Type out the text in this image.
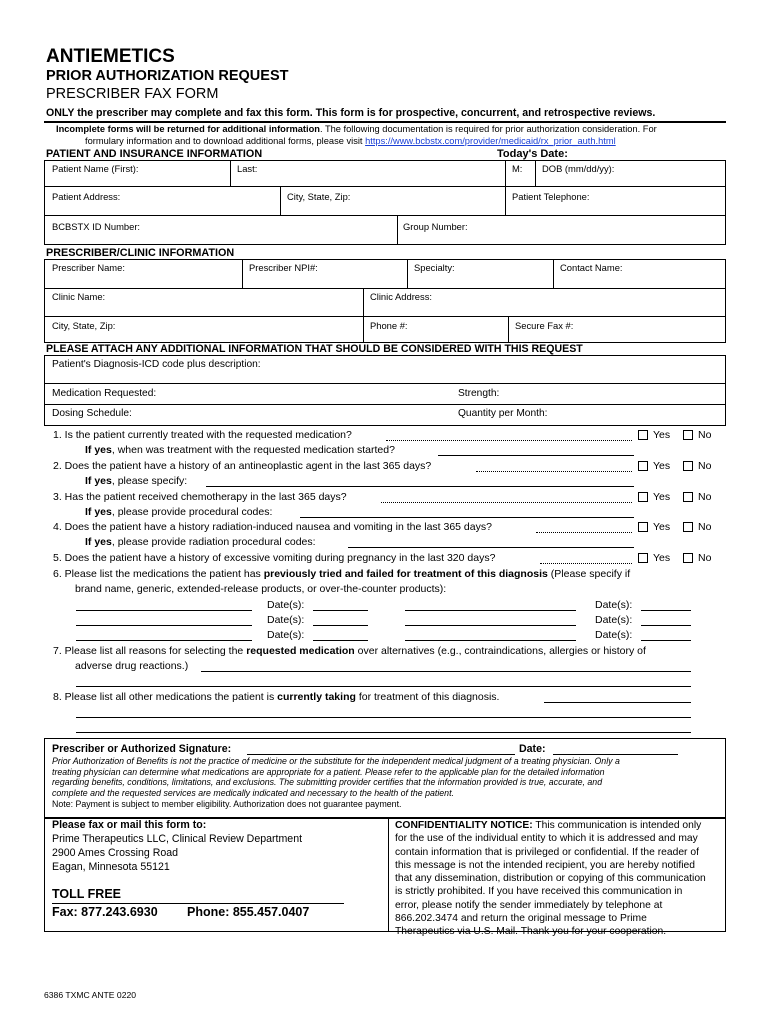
ANTIEMETICS
PRIOR AUTHORIZATION REQUEST
PRESCRIBER FAX FORM
ONLY the prescriber may complete and fax this form. This form is for prospective, concurrent, and retrospective reviews.
Incomplete forms will be returned for additional information. The following documentation is required for prior authorization consideration. For
formulary information and to download additional forms, please visit https://www.bcbstx.com/provider/medicaid/rx_prior_auth.html
PATIENT AND INSURANCE INFORMATION	Today's Date:
Patient Name (First):	Last:	M: DOB (mm/dd/yy):
Patient Address:	City, State, Zip:	Patient Telephone:
BCBSTX ID Number:	Group Number:
PRESCRIBER/CLINIC INFORMATION
Prescriber Name:	Prescriber NPI#:	Specialty:	Contact Name:
Clinic Name:	Clinic Address:
City, State, Zip:	Phone #:	Secure Fax #:
PLEASE ATTACH ANY ADDITIONAL INFORMATION THAT SHOULD BE CONSIDERED WITH THIS REQUEST
Patient's Diagnosis-ICD code plus description:
Medication Requested:	Strength:
Dosing Schedule:	Quantity per Month:
1. Is the patient currently treated with the requested medication?	Yes	No
If yes, when was treatment with the requested medication started?
2. Does the patient have a history of an antineoplastic agent in the last 365 days?	Yes	No
If yes, please specify:
3. Has the patient received chemotherapy in the last 365 days?	Yes	No
If yes, please provide procedural codes:
4. Does the patient have a history radiation-induced nausea and vomiting in the last 365 days?	Yes	No
If yes, please provide radiation procedural codes:
5. Does the patient have a history of excessive vomiting during pregnancy in the last 320 days?	Yes	No
6. Please list the medications the patient has previously tried and failed for treatment of this diagnosis (Please specify if
brand name, generic, extended-release products, or over-the-counter products):
Date(s):	Date(s):
Date(s):	Date(s):
Date(s):	Date(s):
7. Please list all reasons for selecting the requested medication over alternatives (e.g., contraindications, allergies or history of
adverse drug reactions.)
8. Please list all other medications the patient is currently taking for treatment of this diagnosis.
Prescriber or Authorized Signature:	Date:
Prior Authorization of Benefits is not the practice of medicine or the substitute for the independent medical judgment of a treating physician. Only a
treating physician can determine what medications are appropriate for a patient. Please refer to the applicable plan for the detailed information
regarding benefits, conditions, limitations, and exclusions. The submitting provider certifies that the information provided is true, accurate, and
complete and the requested services are medically indicated and necessary to the health of the patient.
Note: Payment is subject to member eligibility. Authorization does not guarantee payment.
Please fax or mail this form to:
Prime Therapeutics LLC, Clinical Review Department
2900 Ames Crossing Road
Eagan, Minnesota 55121
TOLL FREE
Fax: 877.243.6930 Phone: 855.457.0407
CONFIDENTIALITY NOTICE: This communication is intended only
for the use of the individual entity to which it is addressed and may
contain information that is privileged or confidential. If the reader of
this message is not the intended recipient, you are hereby notified
that any dissemination, distribution or copying of this communication
is strictly prohibited. If you have received this communication in
error, please notify the sender immediately by telephone at
866.202.3474 and return the original message to Prime
Therapeutics via U.S. Mail. Thank you for your cooperation.
6386 TXMC ANTE 0220
